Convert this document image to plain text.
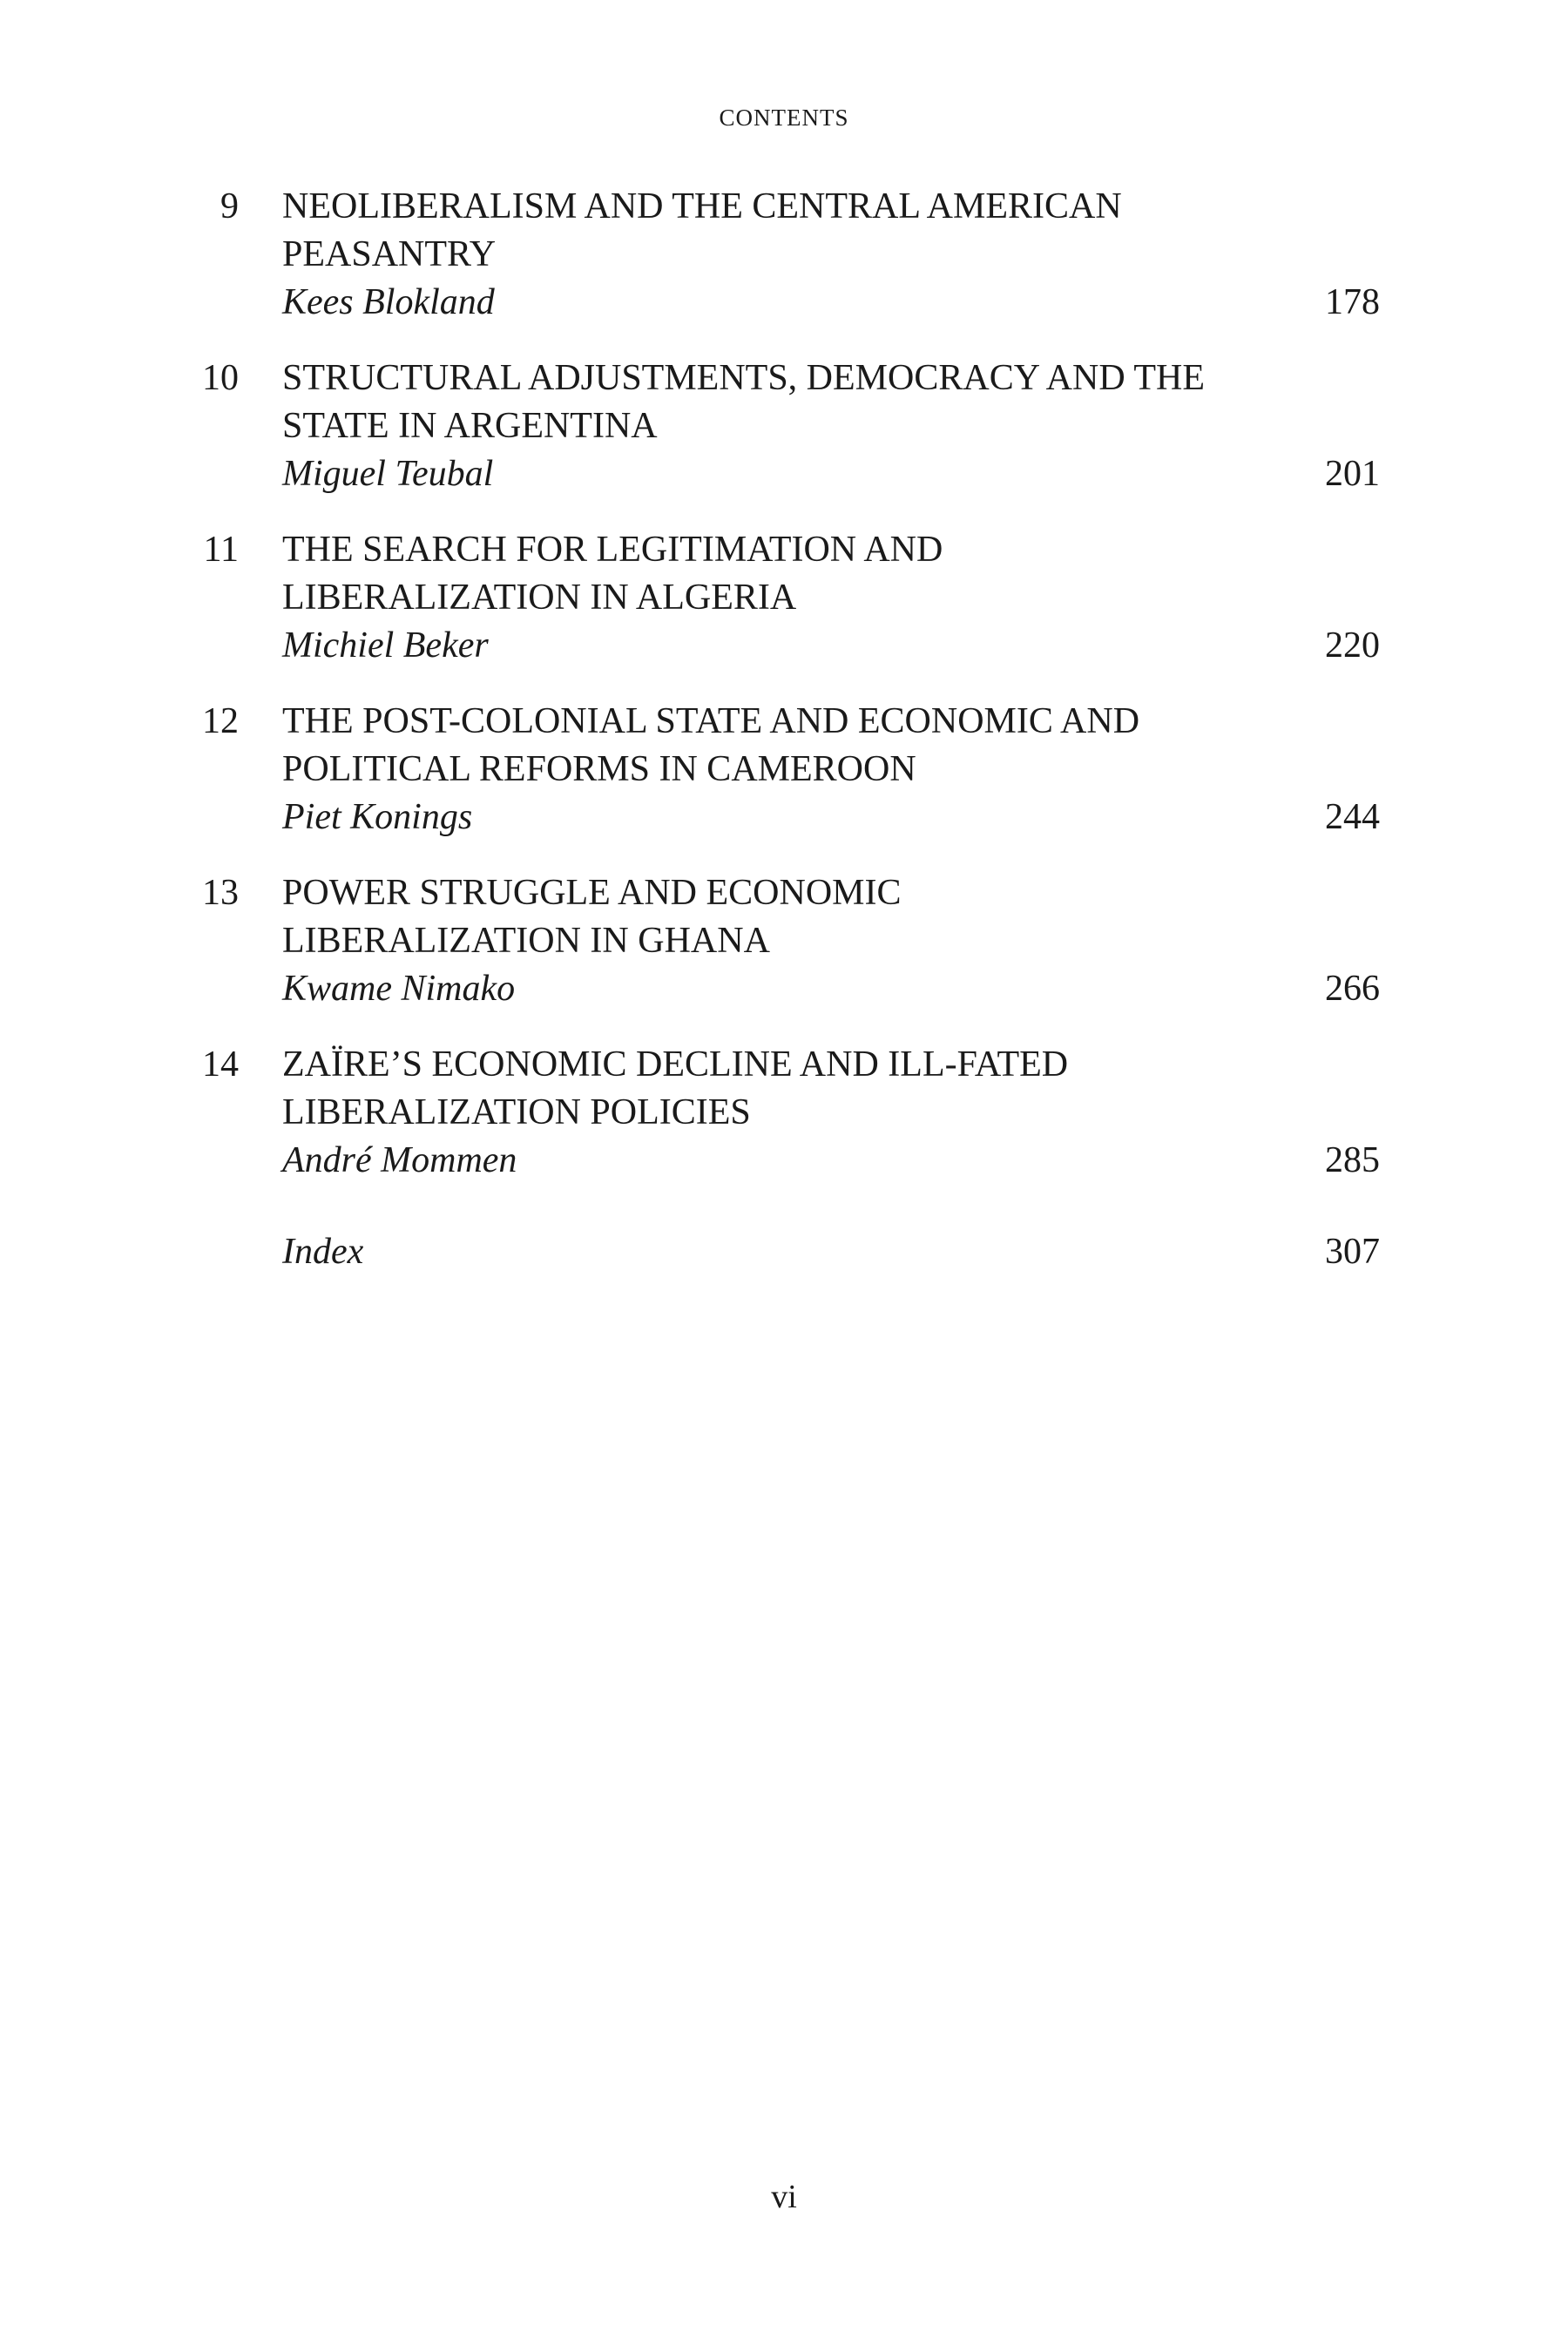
CONTENTS
9 NEOLIBERALISM AND THE CENTRAL AMERICAN
PEASANTRY
Kees Blokland	178
10 STRUCTURAL ADJUSTMENTS, DEMOCRACY AND THE
STATE IN ARGENTINA
Miguel Teubal	201
11 THE SEARCH FOR LEGITIMATION AND
LIBERALIZATION IN ALGERIA
Michiel Beker	220
12 THE POST-COLONIAL STATE AND ECONOMIC AND
POLITICAL REFORMS IN CAMEROON
Piet Konings	244
13 POWER STRUGGLE AND ECONOMIC
LIBERALIZATION IN GHANA
Kwame Nimako	266
14 ZAÏRE’S ECONOMIC DECLINE AND ILL-FATED
LIBERALIZATION POLICIES
André Mommen	285
Index	307
vi
